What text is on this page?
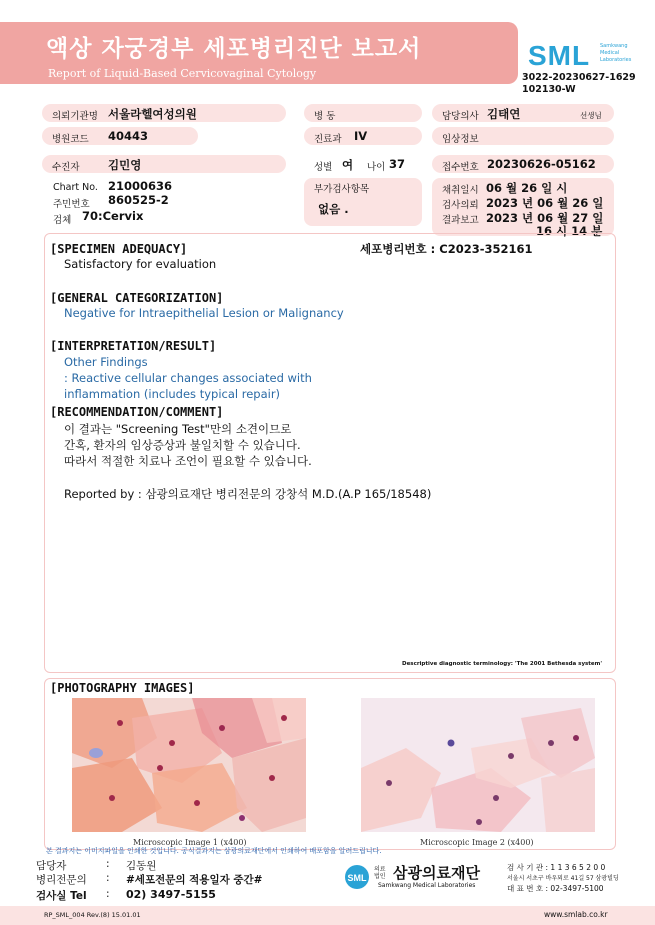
액상 자궁경부 세포병리진단 보고서
Report of Liquid-Based Cervicovaginal Cytology
SML Samkwang Medical Laboratories
3022-20230627-1629
102130-W
의뢰기관명 서울라헬여성의원	병 동	담당의사 김태연	선생님
병원코드 40443	진료과 IV	임상정보
수진자 김민영	성별 여 나이 37	접수번호 20230626-05162
Chart No. 21000636
주민번호 860525-2
검체 70:Cervix
부가검사항목
없음 .
채취일시 06 월 26 일 시
검사의뢰 2023 년 06 월 26 일
결과보고 2023 년 06 월 27 일
16 시 14 분
[SPECIMEN ADEQUACY]	세포병리번호 : C2023-352161
Satisfactory for evaluation
[GENERAL CATEGORIZATION]
Negative for Intraepithelial Lesion or Malignancy
[INTERPRETATION/RESULT]
Other Findings
: Reactive cellular changes associated with
inflammation (includes typical repair)
[RECOMMENDATION/COMMENT]
이 결과는 "Screening Test"만의 소견이므로
간혹, 환자의 임상증상과 불일치할 수 있습니다.
따라서 적절한 치료나 조언이 필요할 수 있습니다.
Reported by : 삼광의료재단 병리전문의 강창석 M.D.(A.P 165/18548)
Descriptive diagnostic terminology: 'The 2001 Bethesda system'
[PHOTOGRAPHY IMAGES]
Microscopic Image 1 (x400)	Microscopic Image 2 (x400)
본 결과지는 이미지파일을 인쇄한 것입니다. 공식결과지는 삼광의료재단에서 인쇄하여 배포함을 알려드립니다.
담당자	: 김동원
병리전문의 : #세포전문의 적용일자 중간#
검사실 Tel : 02) 3497-5155
SML
의료법인 삼광의료재단
Samkwang Medical Laboratories
검 사 기 관 : 1 1 3 6 5 2 0 0
서울시 서초구 바우뫼로 41길 57 삼광빌딩
대 표 번 호 : 02-3497-5100
RP_SML_004 Rev.(8) 15.01.01	www.smlab.co.kr
